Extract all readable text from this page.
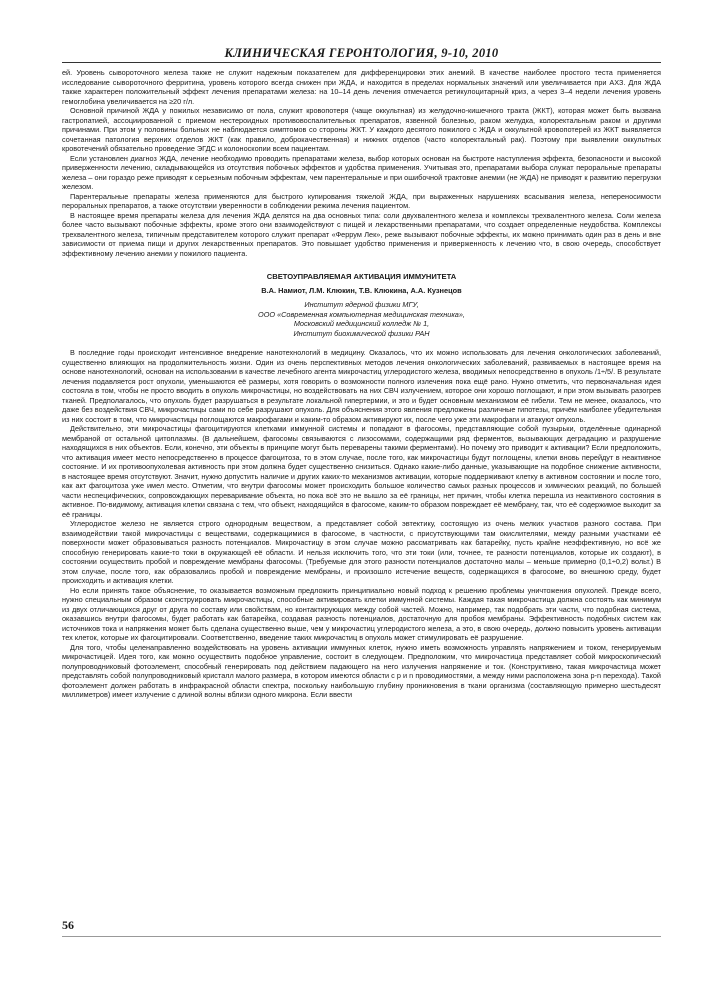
КЛИНИЧЕСКАЯ ГЕРОНТОЛОГИЯ, 9-10, 2010

ей. Уровень сывороточного железа также не служит надежным показателем для дифференцировки этих анемий. В качестве наиболее простого теста применяется исследование сывороточного ферритина, уровень которого всегда снижен при ЖДА, и находится в пределах нормальных значений или увеличивается при АХЗ. Для ЖДА также характерен положительный эффект лечения препаратами железа: на 10–14 день лечения отмечается ретикулоцитарный криз, а через 3–4 недели лечения уровень гемоглобина увеличивается на ≥20 г/л.

Основной причиной ЖДА у пожилых независимо от пола, служит кровопотеря (чаще оккультная) из желудочно-кишечного тракта (ЖКТ), которая может быть вызвана гастропатией, ассоциированной с приемом нестероидных противовоспалительных препаратов, язвенной болезнью, раком желудка, колоректальным раком и другими причинами. При этом у половины больных не наблюдается симптомов со стороны ЖКТ. У каждого десятого пожилого с ЖДА и оккультной кровопотерей из ЖКТ выявляется сочетанная патология верхних отделов ЖКТ (как правило, доброкачественная) и нижних отделов (часто колоректальный рак). Поэтому при выявлении оккультных кровотечений обязательно проведение ЭГДС и колоноскопии всем пациентам.

Если установлен диагноз ЖДА, лечение необходимо проводить препаратами железа, выбор которых основан на быстроте наступления эффекта, безопасности и высокой приверженности лечению, складывающейся из отсутствия побочных эффектов и удобства применения. Учитывая это, препаратами выбора служат пероральные препараты железа – они гораздо реже приводят к серьезным побочным эффектам, чем парентеральные и при ошибочной трактовке анемии (не ЖДА) не приводят к развитию перегрузки железом.

Парентеральные препараты железа применяются для быстрого купирования тяжелой ЖДА, при выраженных нарушениях всасывания железа, непереносимости пероральных препаратов, а также отсутствии уверенности в соблюдении режима лечения пациентом.

В настоящее время препараты железа для лечения ЖДА делятся на два основных типа: соли двухвалентного железа и комплексы трехвалентного железа. Соли железа более часто вызывают побочные эффекты, кроме этого они взаимодействуют с пищей и лекарственными препаратами, что создает определенные неудобства. Комплексы трехвалентного железа, типичным представителем которого служит препарат «Феррум Лек», реже вызывают побочные эффекты, их можно принимать один раз в день и вне зависимости от приема пищи и других лекарственных препаратов. Это повышает удобство применения и приверженность к лечению что, в свою очередь, способствует эффективному лечению анемии у пожилого пациента.

СВЕТОУПРАВЛЯЕМАЯ АКТИВАЦИЯ ИММУНИТЕТА
В.А. Намиот, Л.М. Клюкин, Т.В. Клюкина, А.А. Кузнецов
Институт ядерной физики МГУ,
ООО «Современная компьютерная медицинская техника»,
Московский медицинский колледж № 1,
Институт биохимической физики РАН

В последние годы происходит интенсивное внедрение нанотехнологий в медицину. Оказалось, что их можно использовать для лечения онкологических заболеваний, существенно влияющих на продолжительность жизни. Один из очень перспективных методов лечения онкологических заболеваний, развиваемых в настоящее время на основе нанотехнологий, основан на использовании в качестве лечебного агента микрочастиц углеродистого железа, вводимых непосредственно в опухоль /1÷/5/. В результате лечения подавляется рост опухоли, уменьшаются её размеры, хотя говорить о возможности полного излечения пока ещё рано. Нужно отметить, что первоначальная идея состояла в том, чтобы не просто вводить в опухоль микрочастицы, но воздействовать на них СВЧ излучением, которое они хорошо поглощают, и при этом вызывать разогрев тканей. Предполагалось, что опухоль будет разрушаться в результате локальной гипертермии, и это и будет основным механизмом её гибели. Тем не менее, оказалось, что даже без воздействия СВЧ, микрочастицы сами по себе разрушают опухоль. Для объяснения этого явления предложены различные гипотезы, причём наиболее убедительная из них состоит в том, что микрочастицы поглощаются макрофагами и каким-то образом активируют их, после чего уже эти макрофаги и атакуют опухоль.

Действительно, эти микрочастицы фагоцитируются клетками иммунной системы и попадают в фагосомы, представляющие собой пузырьки, отделённые одинарной мембраной от остальной цитоплазмы. (В дальнейшем, фагосомы связываются с лизосомами, содержащими ряд ферментов, вызывающих деградацию и разрушение находящихся в них объектов. Если, конечно, эти объекты в принципе могут быть переварены такими ферментами). Но почему это приводит к активации? Если предположить, что активация имеет место непосредственно в процессе фагоцитоза, то в этом случае, после того, как микрочастицы будут поглощены, клетки вновь перейдут в неактивное состояние. И их противоопухолевая активность при этом должна будет существенно снизиться. Однако какие-либо данные, указывающие на подобное снижение активности, в настоящее время отсутствуют. Значит, нужно допустить наличие и других каких-то механизмов активации, которые поддерживают клетку в активном состоянии и после того, как акт фагоцитоза уже имел место. Отметим, что внутри фагосомы может происходить большое количество самых разных процессов и химических реакций, по большей части неспецифических, сопровождающих переваривание объекта, но пока всё это не вышло за её границы, нет причин, чтобы клетка перешла из неактивного состояния в активное. По-видимому, активация клетки связана с тем, что объект, находящийся в фагосоме, каким-то образом повреждает её мембрану, так, что её содержимое выходит за её границы.

Углеродистое железо не является строго однородным веществом, а представляет собой эвтектику, состоящую из очень мелких участков разного состава. При взаимодействии такой микрочастицы с веществами, содержащимися в фагосоме, в частности, с присутствующими там окислителями, между разными участками её поверхности может образовываться разность потенциалов. Микрочастицу в этом случае можно рассматривать как батарейку, пусть крайне неэффективную, но всё же способную генерировать какие-то токи в окружающей её области. И нельзя исключить того, что эти токи (или, точнее, те разности потенциалов, которые их создают), в состоянии осуществить пробой и повреждение мембраны фагосомы. (Требуемые для этого разности потенциалов достаточно малы – меньше примерно (0,1÷0,2) вольт.) В этом случае, после того, как образовались пробой и повреждение мембраны, и произошло истечение веществ, содержащихся в фагосоме, во внешнюю среду, будет происходить и активация клетки.

Но если принять такое объяснение, то оказывается возможным предложить принципиально новый подход к решению проблемы уничтожения опухолей. Прежде всего, нужно специальным образом сконструировать микрочастицы, способные активировать клетки иммунной системы. Каждая такая микрочастица должна состоять как минимум из двух отличающихся друг от друга по составу или свойствам, но контактирующих между собой частей. Можно, например, так подобрать эти части, что подобная система, оказавшись внутри фагосомы, будет работать как батарейка, создавая разность потенциалов, достаточную для пробоя мембраны. Эффективность подобных систем как источников тока и напряжения может быть сделана существенно выше, чем у микрочастиц углеродистого железа, а это, в свою очередь, должно повысить уровень активации тех клеток, которые их фагоцитировали. Соответственно, введение таких микрочастиц в опухоль может стимулировать её разрушение.

Для того, чтобы целенаправленно воздействовать на уровень активации иммунных клеток, нужно иметь возможность управлять напряжением и током, генерируемым микрочастицей. Идея того, как можно осуществить подобное управление, состоит в следующем. Предположим, что микрочастица представляет собой микроскопический полупроводниковый фотоэлемент, способный генерировать под действием падающего на него излучения напряжение и ток. (Конструктивно, такая микрочастица может представлять собой полупроводниковый кристалл малого размера, в котором имеются области с p и n проводимостями, а между ними расположена зона p-n перехода). Такой фотоэлемент должен работать в инфракрасной области спектра, поскольку наибольшую глубину проникновения в ткани организма (составляющую примерно шестьдесят миллиметров) имеет излучение с длиной волны вблизи одного микрона. Если ввести

56
